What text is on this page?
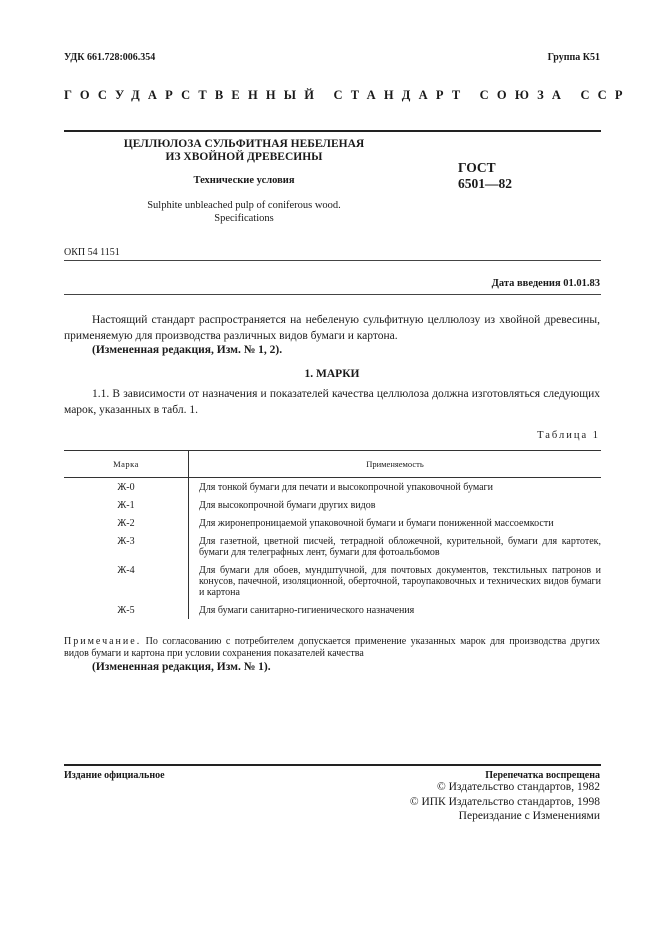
УДК 661.728:006.354	Группа К51
ГОСУДАРСТВЕННЫЙ СТАНДАРТ СОЮЗА ССР
ЦЕЛЛЮЛОЗА СУЛЬФИТНАЯ НЕБЕЛЕНАЯ
ИЗ ХВОЙНОЙ ДРЕВЕСИНЫ
Технические условия
Sulphite unbleached pulp of coniferous wood.
Specifications
ГОСТ
6501—82
ОКП 54 1151
Дата введения 01.01.83
Настоящий стандарт распространяется на небеленую сульфитную целлюлозу из хвойной древесины, применяемую для производства различных видов бумаги и картона.
(Измененная редакция, Изм. № 1, 2).
1. МАРКИ
1.1. В зависимости от назначения и показателей качества целлюлоза должна изготовляться следующих марок, указанных в табл. 1.
Таблица 1
Марка	Применяемость
Ж-0	Для тонкой бумаги для печати и высокопрочной упаковочной бумаги
Ж-1	Для высокопрочной бумаги других видов
Ж-2	Для жиронепроницаемой упаковочной бумаги и бумаги пониженной массоемкости
Ж-3	Для газетной, цветной писчей, тетрадной обложечной, курительной, бумаги для картотек, бумаги для телеграфных лент, бумаги для фотоальбомов
Ж-4	Для бумаги для обоев, мундштучной, для почтовых документов, текстильных патронов и конусов, пачечной, изоляционной, оберточной, тароупаковочных и технических видов бумаги и картона
Ж-5	Для бумаги санитарно-гигиенического назначения
Примечание. По согласованию с потребителем допускается применение указанных марок для производства других видов бумаги и картона при условии сохранения показателей качества
(Измененная редакция, Изм. № 1).
Издание официальное	Перепечатка воспрещена
© Издательство стандартов, 1982
© ИПК Издательство стандартов, 1998
Переиздание с Изменениями
